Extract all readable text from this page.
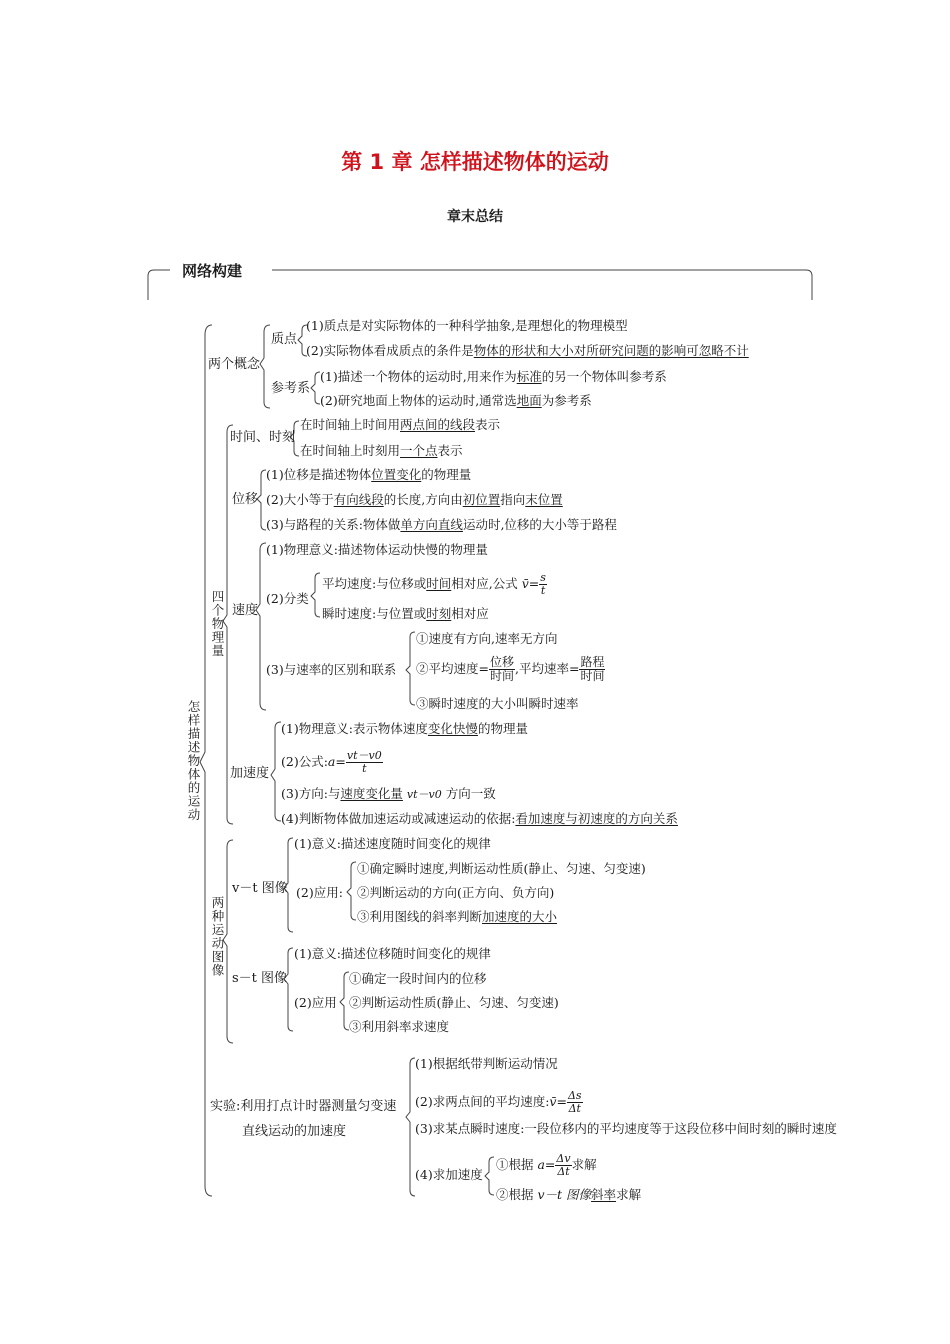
第 1 章 怎样描述物体的运动
章末总结
网络构建
怎样描述物体的运动
两个概念
质点
(1)质点是对实际物体的一种科学抽象,是理想化的物理模型
(2)实际物体看成质点的条件是物体的形状和大小对所研究问题的影响可忽略不计
参考系
(1)描述一个物体的运动时,用来作为标准的另一个物体叫参考系
(2)研究地面上物体的运动时,通常选地面为参考系
四个物理量
时间、时刻
在时间轴上时间用两点间的线段表示
在时间轴上时刻用一个点表示
位移
(1)位移是描述物体位置变化的物理量
(2)大小等于有向线段的长度,方向由初位置指向末位置
(3)与路程的关系:物体做单方向直线运动时,位移的大小等于路程
速度
(1)物理意义:描述物体运动快慢的物理量
(2)分类
平均速度:与位移或时间相对应,公式 v̄= $\frac{s}{t}$
瞬时速度:与位置或时刻相对应
(3)与速率的区别和联系
①速度有方向,速率无方向
②平均速度= $\frac{\text{位移}}{\text{时间}}$ ,平均速率= $\frac{\text{路程}}{\text{时间}}$
③瞬时速度的大小叫瞬时速率
加速度
(1)物理意义:表示物体速度变化快慢的物理量
(2)公式:a= $\frac{vt-v0}{t}$
(3)方向:与速度变化量 vt－v0 方向一致
(4)判断物体做加速运动或减速运动的依据:看加速度与初速度的方向关系
两种运动图像
v－t 图像
(1)意义:描述速度随时间变化的规律
(2)应用:
①确定瞬时速度,判断运动性质(静止、匀速、匀变速)
②判断运动的方向(正方向、负方向)
③利用图线的斜率判断加速度的大小
s－t 图像
(1)意义:描述位移随时间变化的规律
(2)应用
①确定一段时间内的位移
②判断运动性质(静止、匀速、匀变速)
③利用斜率求速度
实验:利用打点计时器测量匀变速
直线运动的加速度
(1)根据纸带判断运动情况
(2)求两点间的平均速度:v̄= $\frac{\Delta s}{\Delta t}$
(3)求某点瞬时速度:一段位移内的平均速度等于这段位移中间时刻的瞬时速度
(4)求加速度
①根据 $a= \frac{\Delta v}{\Delta t}$ 求解
②根据 v－t 图像斜率求解
